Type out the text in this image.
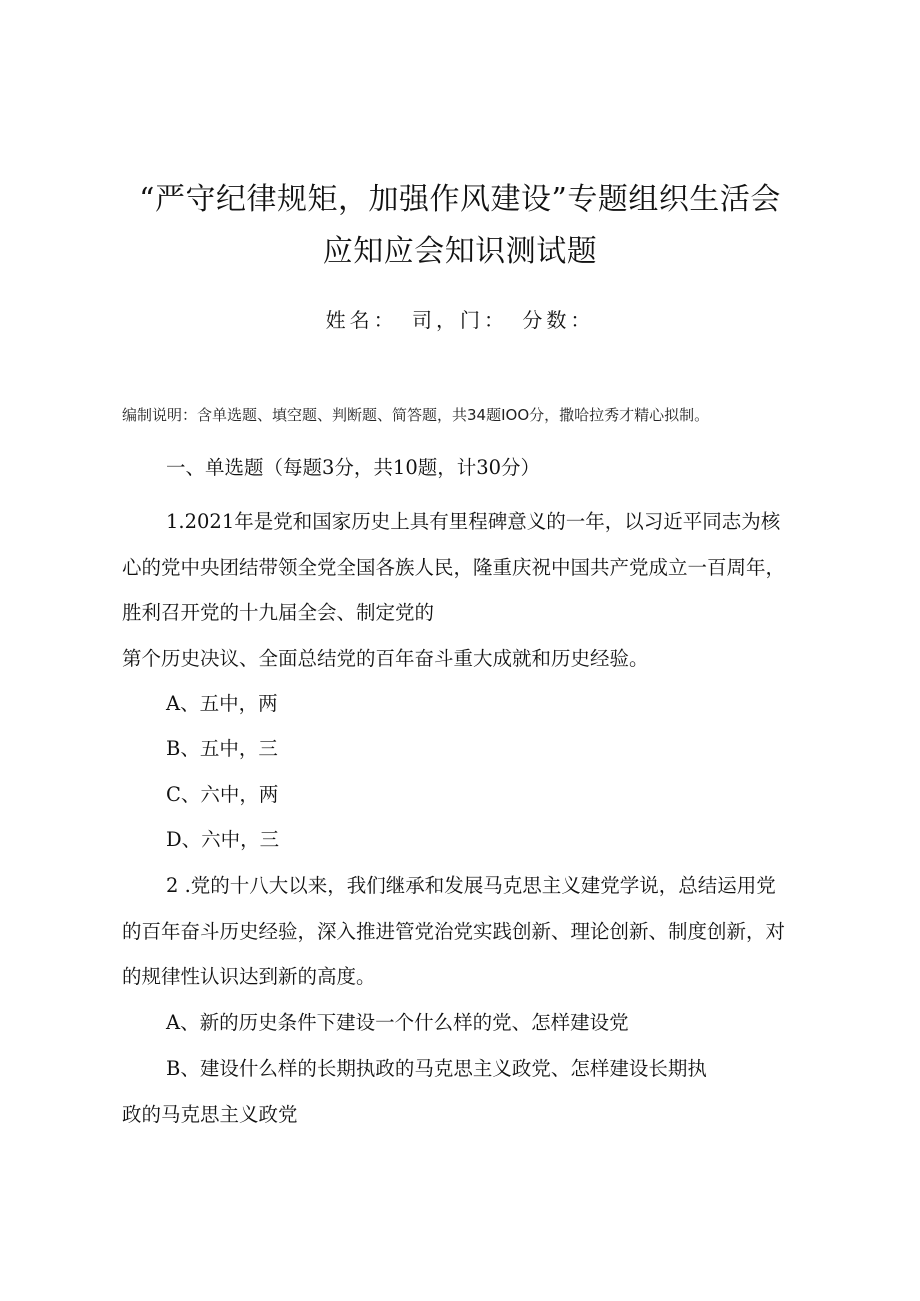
“严守纪律规矩，加强作风建设”专题组织生活会
应知应会知识测试题
姓名： 司，门： 分数：
编制说明：含单选题、填空题、判断题、简答题，共34题IOO分，撒哈拉秀才精心拟制。
一、单选题（每题3分，共10题，计30分）
1.2021年是党和国家历史上具有里程碑意义的一年，以习近平同志为核
心的党中央团结带领全党全国各族人民，隆重庆祝中国共产党成立一百周年，
胜利召开党的十九届全会、制定党的
第个历史决议、全面总结党的百年奋斗重大成就和历史经验。
A、五中，两
B、五中，三
C、六中，两
D、六中，三
2 .党的十八大以来，我们继承和发展马克思主义建党学说，总结运用党
的百年奋斗历史经验，深入推进管党治党实践创新、理论创新、制度创新，对
的规律性认识达到新的高度。
A、新的历史条件下建设一个什么样的党、怎样建设党
B、建设什么样的长期执政的马克思主义政党、怎样建设长期执
政的马克思主义政党
